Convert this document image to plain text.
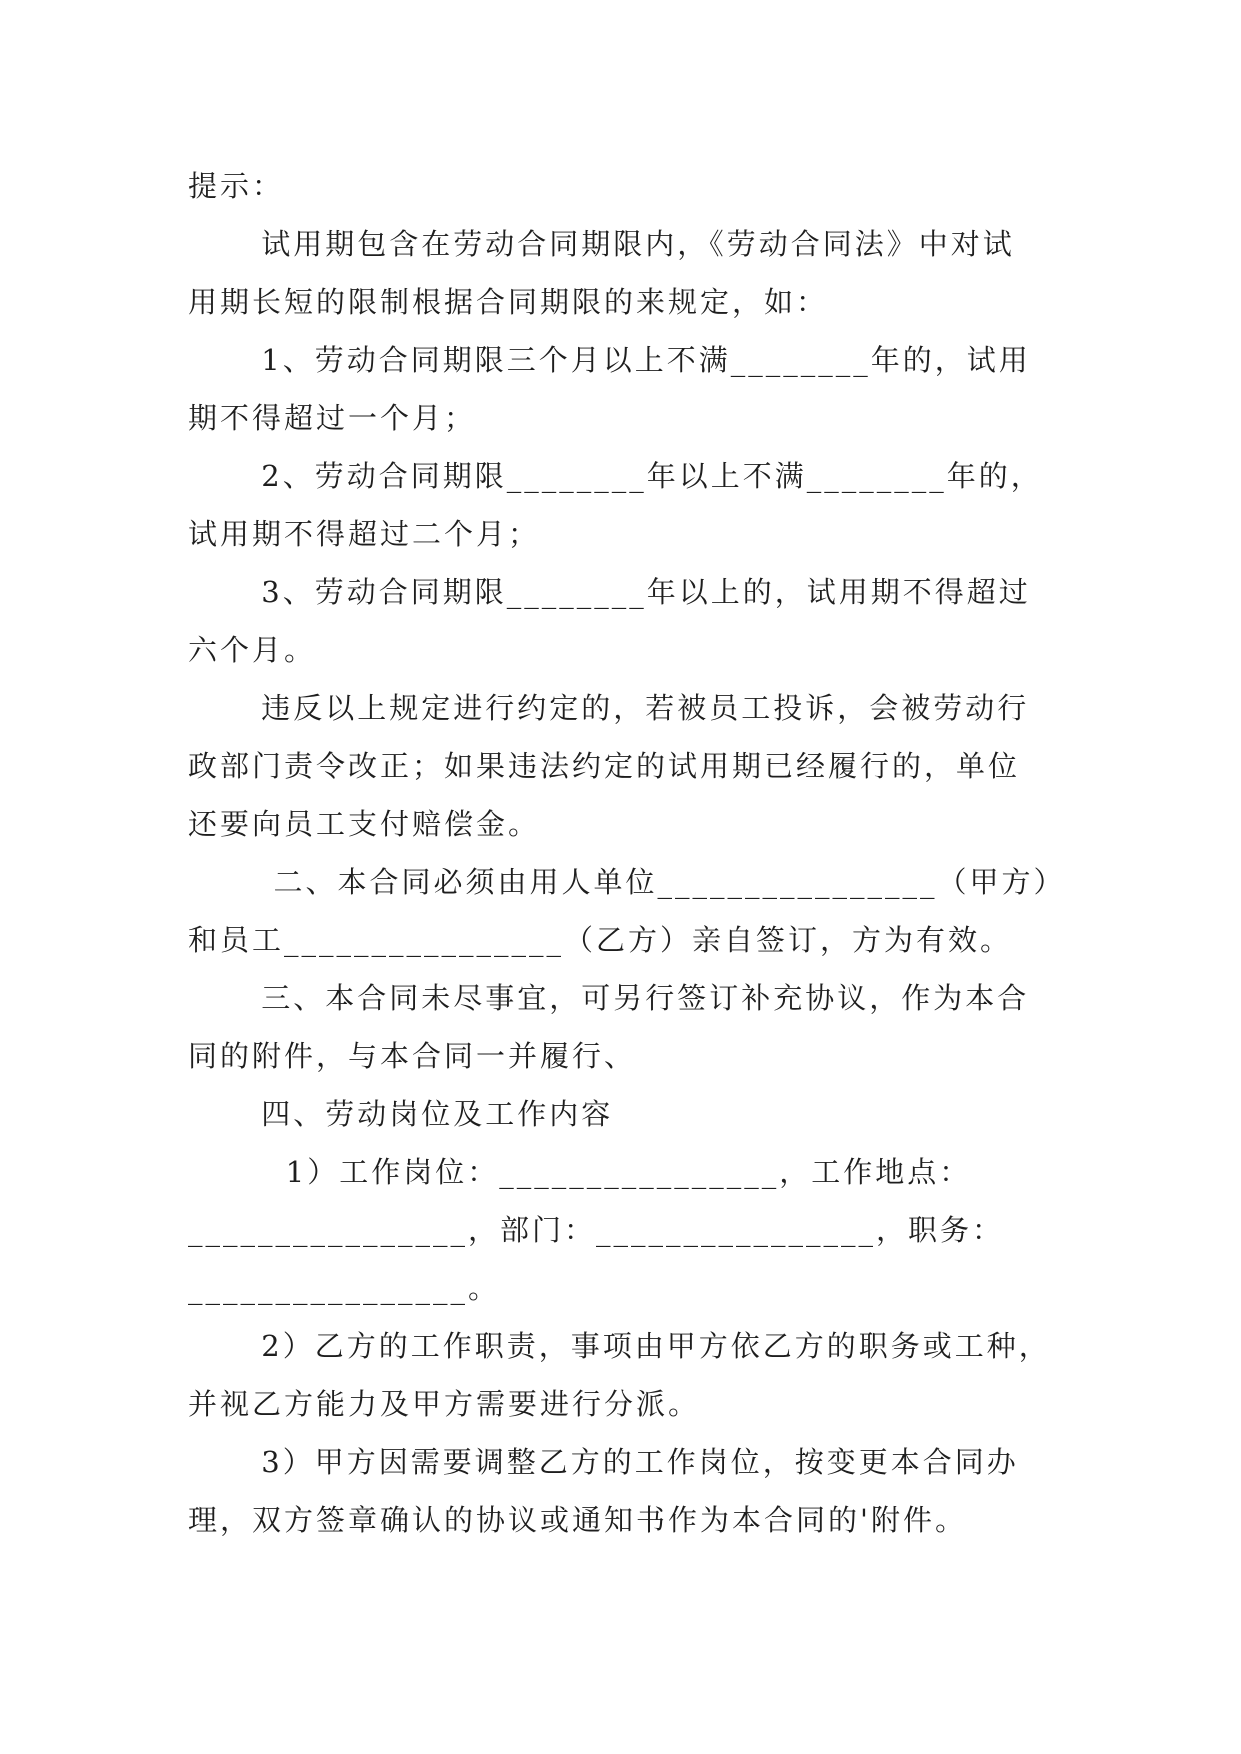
提示：
试用期包含在劳动合同期限内，《劳动合同法》中对试
用期长短的限制根据合同期限的来规定，如：
1、劳动合同期限三个月以上不满________年的，试用
期不得超过一个月；
2、劳动合同期限________年以上不满________年的，
试用期不得超过二个月；
3、劳动合同期限________年以上的，试用期不得超过
六个月。
违反以上规定进行约定的，若被员工投诉，会被劳动行
政部门责令改正；如果违法约定的试用期已经履行的，单位
还要向员工支付赔偿金。
二、本合同必须由用人单位________________（甲方）
和员工________________（乙方）亲自签订，方为有效。
三、本合同未尽事宜，可另行签订补充协议，作为本合
同的附件，与本合同一并履行、
四、劳动岗位及工作内容
1）工作岗位：________________，工作地点：
________________，部门：________________，职务：
________________。
2）乙方的工作职责，事项由甲方依乙方的职务或工种，
并视乙方能力及甲方需要进行分派。
3）甲方因需要调整乙方的工作岗位，按变更本合同办
理，双方签章确认的协议或通知书作为本合同的'附件。
